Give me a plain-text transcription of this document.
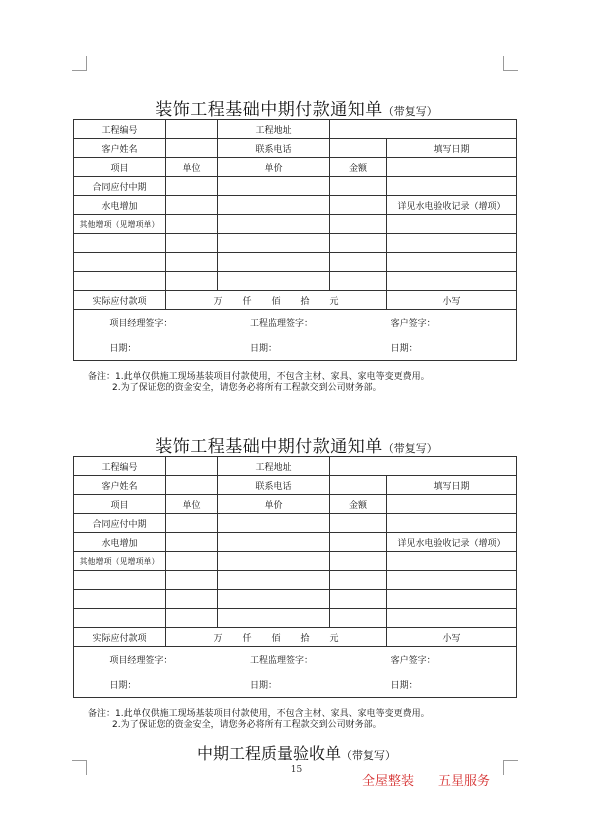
装饰工程基础中期付款通知单（带复写）
工程编号		工程地址		
客户姓名		联系电话		填写日期
项目	单位	单价	金额	
合同应付中期				
水电增加				详见水电验收记录（增项）
其他增项（见增项单）				

实际应付款项	万 仟 佰 拾 元			小写

项目经理签字： 工程监理签字： 客户签字：				

日期： 日期： 日期：				
备注：1.此单仅供施工现场基装项目付款使用，不包含主材、家具、家电等变更费用。
2.为了保证您的资金安全，请您务必将所有工程款交到公司财务部。
装饰工程基础中期付款通知单（带复写）
工程编号		工程地址		
客户姓名		联系电话		填写日期
项目	单位	单价	金额	
合同应付中期				
水电增加				详见水电验收记录（增项）
其他增项（见增项单）				

实际应付款项	万 仟 佰 拾 元			小写

项目经理签字： 工程监理签字： 客户签字：				

日期： 日期： 日期：				
备注：1.此单仅供施工现场基装项目付款使用，不包含主材、家具、家电等变更费用。
2.为了保证您的资金安全，请您务必将所有工程款交到公司财务部。
中期工程质量验收单（带复写）
15
全屋整装 五星服务
